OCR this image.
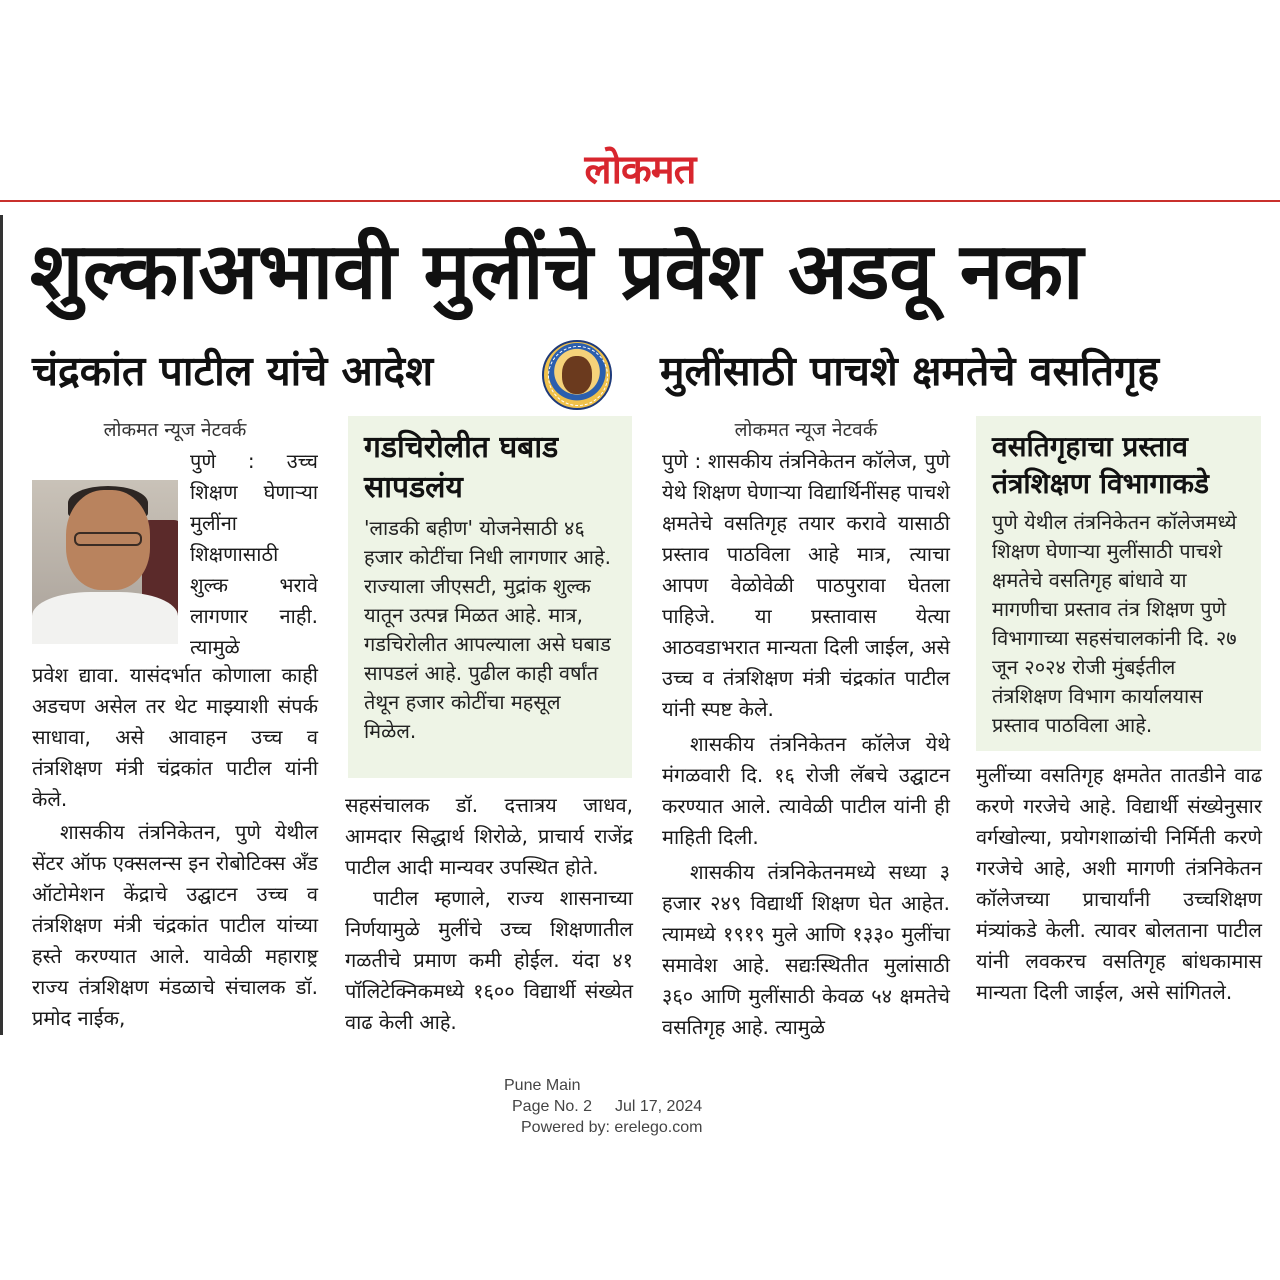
लोकमत
शुल्काअभावी मुलींचे प्रवेश अडवू नका
चंद्रकांत पाटील यांचे आदेश	मुलींसाठी पाचशे क्षमतेचे वसतिगृह
लोकमत न्यूज नेटवर्क

पुणे : उच्च शिक्षण घेणाऱ्या मुलींना शिक्षणासाठी शुल्क भरावे लागणार नाही. त्यामुळे

प्रवेश द्यावा. यासंदर्भात कोणाला काही अडचण असेल तर थेट माझ्याशी संपर्क साधावा, असे आवाहन उच्च व तंत्रशिक्षण मंत्री चंद्रकांत पाटील यांनी केले.

शासकीय तंत्रनिकेतन, पुणे येथील सेंटर ऑफ एक्सलन्स इन रोबोटिक्स अँड ऑटोमेशन केंद्राचे उद्घाटन उच्च व तंत्रशिक्षण मंत्री चंद्रकांत पाटील यांच्या हस्ते करण्यात आले. यावेळी महाराष्ट्र राज्य तंत्रशिक्षण मंडळाचे संचालक डॉ. प्रमोद नाईक,

गडचिरोलीत घबाड सापडलंय
'लाडकी बहीण' योजनेसाठी ४६ हजार कोटींचा निधी लागणार आहे. राज्याला जीएसटी, मुद्रांक शुल्क यातून उत्पन्न मिळत आहे. मात्र, गडचिरोलीत आपल्याला असे घबाड सापडलं आहे. पुढील काही वर्षांत तेथून हजार कोटींचा महसूल मिळेल.

सहसंचालक डॉ. दत्तात्रय जाधव, आमदार सिद्धार्थ शिरोळे, प्राचार्य राजेंद्र पाटील आदी मान्यवर उपस्थित होते.

पाटील म्हणाले, राज्य शासनाच्या निर्णयामुळे मुलींचे उच्च शिक्षणातील गळतीचे प्रमाण कमी होईल. यंदा ४१ पॉलिटेक्निकमध्ये १६०० विद्यार्थी संख्येत वाढ केली आहे.

लोकमत न्यूज नेटवर्क

पुणे : शासकीय तंत्रनिकेतन कॉलेज, पुणे येथे शिक्षण घेणाऱ्या विद्यार्थिनींसह पाचशे क्षमतेचे वसतिगृह तयार करावे यासाठी प्रस्ताव पाठविला आहे मात्र, त्याचा आपण वेळोवेळी पाठपुरावा घेतला पाहिजे. या प्रस्तावास येत्या आठवडाभरात मान्यता दिली जाईल, असे उच्च व तंत्रशिक्षण मंत्री चंद्रकांत पाटील यांनी स्पष्ट केले.

शासकीय तंत्रनिकेतन कॉलेज येथे मंगळवारी दि. १६ रोजी लॅबचे उद्घाटन करण्यात आले. त्यावेळी पाटील यांनी ही माहिती दिली.

शासकीय तंत्रनिकेतनमध्ये सध्या ३ हजार २४९ विद्यार्थी शिक्षण घेत आहेत. त्यामध्ये १९१९ मुले आणि १३३० मुलींचा समावेश आहे. सद्यःस्थितीत मुलांसाठी ३६० आणि मुलींसाठी केवळ ५४ क्षमतेचे वसतिगृह आहे. त्यामुळे

वसतिगृहाचा प्रस्ताव तंत्रशिक्षण विभागाकडे
पुणे येथील तंत्रनिकेतन कॉलेजमध्ये शिक्षण घेणाऱ्या मुलींसाठी पाचशे क्षमतेचे वसतिगृह बांधावे या मागणीचा प्रस्ताव तंत्र शिक्षण पुणे विभागाच्या सहसंचालकांनी दि. २७ जून २०२४ रोजी मुंबईतील तंत्रशिक्षण विभाग कार्यालयास प्रस्ताव पाठविला आहे.

मुलींच्या वसतिगृह क्षमतेत तातडीने वाढ करणे गरजेचे आहे. विद्यार्थी संख्येनुसार वर्गखोल्या, प्रयोगशाळांची निर्मिती करणे गरजेचे आहे, अशी मागणी तंत्रनिकेतन कॉलेजच्या प्राचार्यांनी उच्चशिक्षण मंत्र्यांकडे केली. त्यावर बोलताना पाटील यांनी लवकरच वसतिगृह बांधकामास मान्यता दिली जाईल, असे सांगितले.

Pune Main
Page No. 2 Jul 17, 2024
Powered by: erelego.com
